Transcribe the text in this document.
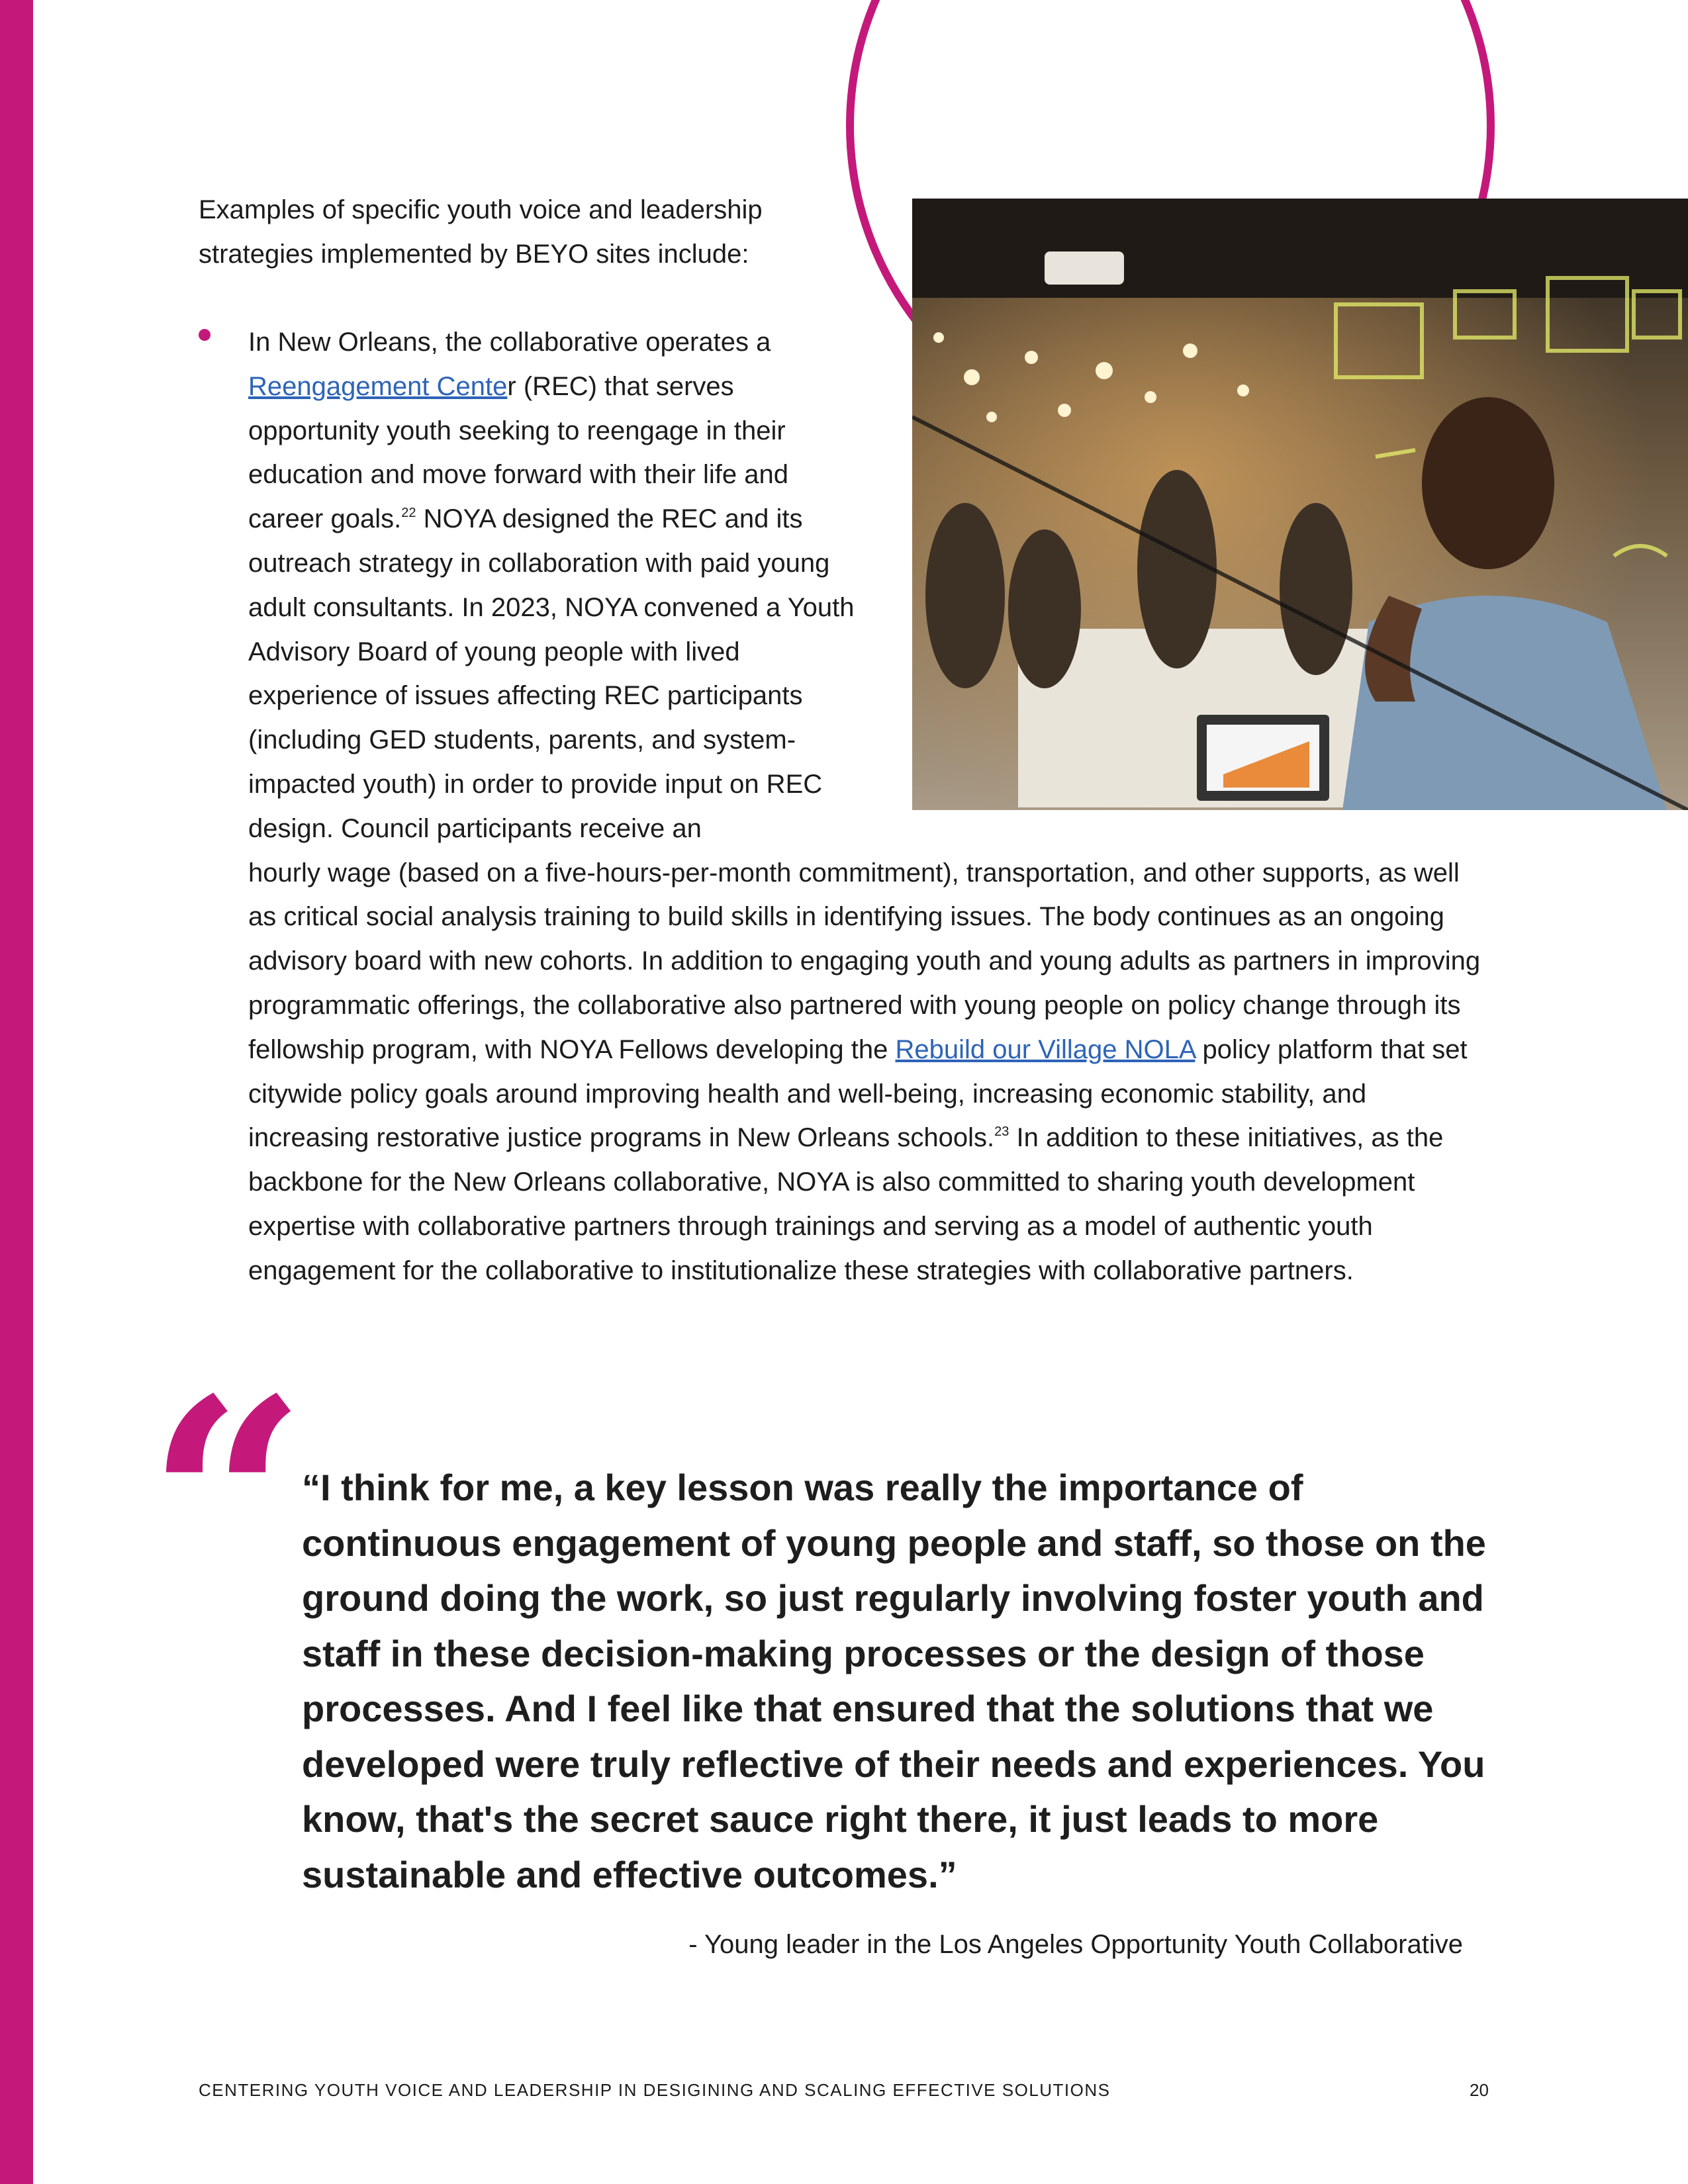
Examples of specific youth voice and leadership strategies implemented by BEYO sites include:

In New Orleans, the collaborative operates a Reengagement Center (REC) that serves opportunity youth seeking to reengage in their education and move forward with their life and career goals.$^{22}$ NOYA designed the REC and its outreach strategy in collaboration with paid young adult consultants. In 2023, NOYA convened a Youth Advisory Board of young people with lived experience of issues affecting REC participants (including GED students, parents, and system-impacted youth) in order to provide input on REC design. Council participants receive an
hourly wage (based on a five-hours-per-month commitment), transportation, and other supports, as well as critical social analysis training to build skills in identifying issues. The body continues as an ongoing advisory board with new cohorts. In addition to engaging youth and young adults as partners in improving programmatic offerings, the collaborative also partnered with young people on policy change through its fellowship program, with NOYA Fellows developing the Rebuild our Village NOLA policy platform that set citywide policy goals around improving health and well-being, increasing economic stability, and increasing restorative justice programs in New Orleans schools.$^{23}$ In addition to these initiatives, as the backbone for the New Orleans collaborative, NOYA is also committed to sharing youth development expertise with collaborative partners through trainings and serving as a model of authentic youth engagement for the collaborative to institutionalize these strategies with collaborative partners.

“

“I think for me, a key lesson was really the importance of continuous engagement of young people and staff, so those on the ground doing the work, so just regularly involving foster youth and staff in these decision-making processes or the design of those processes. And I feel like that ensured that the solutions that we developed were truly reflective of their needs and experiences. You know, that's the secret sauce right there, it just leads to more sustainable and effective outcomes.”

- Young leader in the Los Angeles Opportunity Youth Collaborative
CENTERING YOUTH VOICE AND LEADERSHIP IN DESIGINING AND SCALING EFFECTIVE SOLUTIONS	20
